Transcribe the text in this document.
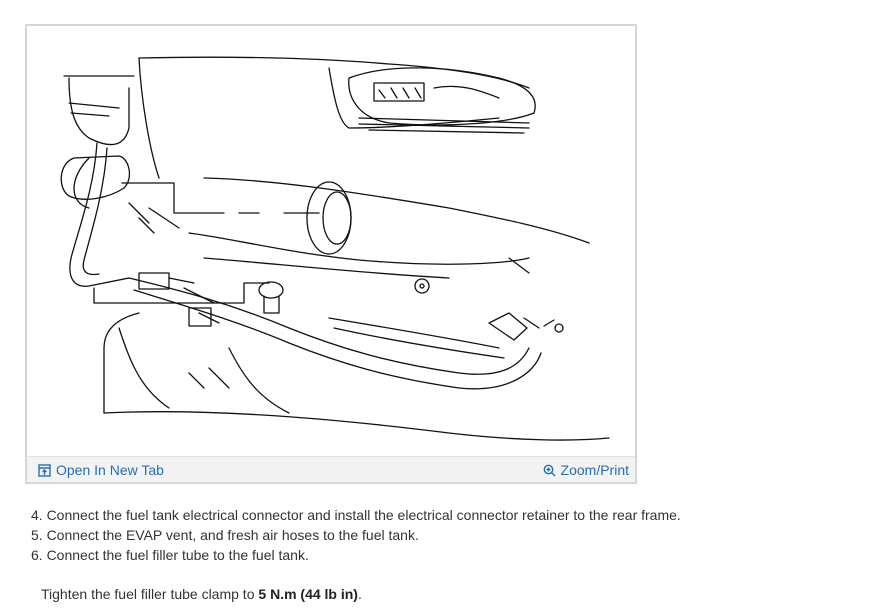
Open In New Tab	Zoom/Print
4. Connect the fuel tank electrical connector and install the electrical connector retainer to the rear frame.
5. Connect the EVAP vent, and fresh air hoses to the fuel tank.
6. Connect the fuel filler tube to the fuel tank.

Tighten the fuel filler tube clamp to 5 N.m (44 lb in).
